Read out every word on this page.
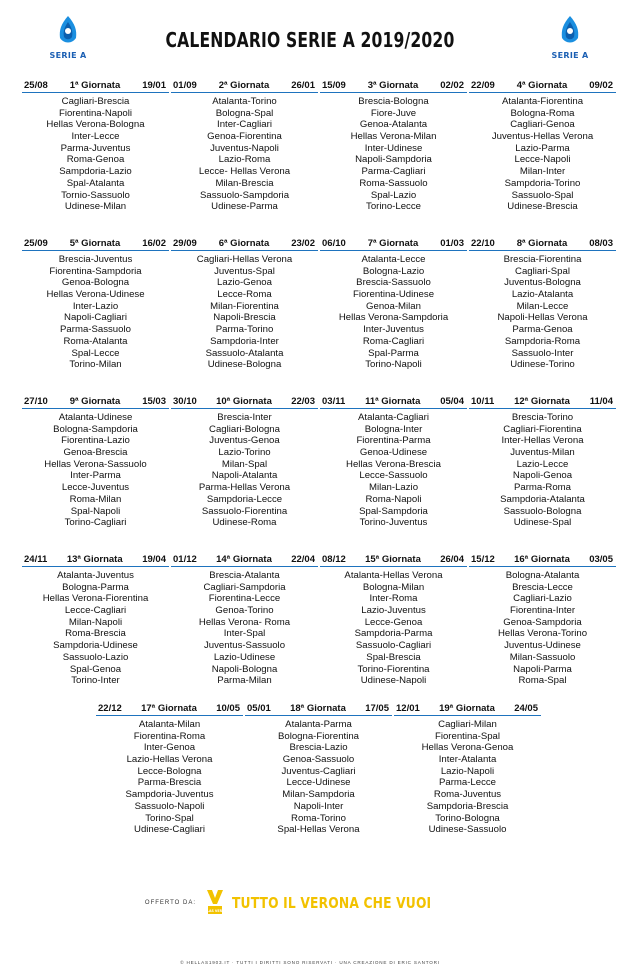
SERIE A
CALENDARIO SERIE A 2019/2020
SERIE A
25/08	1ª Giornata	19/01
Cagliari-Brescia
Fiorentina-Napoli
Hellas Verona-Bologna
Inter-Lecce
Parma-Juventus
Roma-Genoa
Sampdoria-Lazio
Spal-Atalanta
Tornio-Sassuolo
Udinese-Milan
01/09	2ª Giornata	26/01
Atalanta-Torino
Bologna-Spal
Inter-Cagliari
Genoa-Fiorentina
Juventus-Napoli
Lazio-Roma
Lecce- Hellas Verona
Milan-Brescia
Sassuolo-Sampdoria
Udinese-Parma
15/09	3ª Giornata	02/02
Brescia-Bologna
Fiore-Juve
Genoa-Atalanta
Hellas Verona-Milan
Inter-Udinese
Napoli-Sampdoria
Parma-Cagliari
Roma-Sassuolo
Spal-Lazio
Torino-Lecce
22/09	4ª Giornata	09/02
Atalanta-Fiorentina
Bologna-Roma
Cagliari-Genoa
Juventus-Hellas Verona
Lazio-Parma
Lecce-Napoli
Milan-Inter
Sampdoria-Torino
Sassuolo-Spal
Udinese-Brescia
25/09	5ª Giornata	16/02
Brescia-Juventus
Fiorentina-Sampdoria
Genoa-Bologna
Hellas Verona-Udinese
Inter-Lazio
Napoli-Cagliari
Parma-Sassuolo
Roma-Atalanta
Spal-Lecce
Torino-Milan
29/09	6ª Giornata	23/02
Cagliari-Hellas Verona
Juventus-Spal
Lazio-Genoa
Lecce-Roma
Milan-Fiorentina
Napoli-Brescia
Parma-Torino
Sampdoria-Inter
Sassuolo-Atalanta
Udinese-Bologna
06/10	7ª Giornata	01/03
Atalanta-Lecce
Bologna-Lazio
Brescia-Sassuolo
Fiorentina-Udinese
Genoa-Milan
Hellas Verona-Sampdoria
Inter-Juventus
Roma-Cagliari
Spal-Parma
Torino-Napoli
22/10	8ª Giornata	08/03
Brescia-Fiorentina
Cagliari-Spal
Juventus-Bologna
Lazio-Atalanta
Milan-Lecce
Napoli-Hellas Verona
Parma-Genoa
Sampdoria-Roma
Sassuolo-Inter
Udinese-Torino
27/10	9ª Giornata	15/03
Atalanta-Udinese
Bologna-Sampdoria
Fiorentina-Lazio
Genoa-Brescia
Hellas Verona-Sassuolo
Inter-Parma
Lecce-Juventus
Roma-Milan
Spal-Napoli
Torino-Cagliari
30/10	10ª Giornata	22/03
Brescia-Inter
Cagliari-Bologna
Juventus-Genoa
Lazio-Torino
Milan-Spal
Napoli-Atalanta
Parma-Hellas Verona
Sampdoria-Lecce
Sassuolo-Fiorentina
Udinese-Roma
03/11	11ª Giornata	05/04
Atalanta-Cagliari
Bologna-Inter
Fiorentina-Parma
Genoa-Udinese
Hellas Verona-Brescia
Lecce-Sassuolo
Milan-Lazio
Roma-Napoli
Spal-Sampdoria
Torino-Juventus
10/11	12ª Giornata	11/04
Brescia-Torino
Cagliari-Fiorentina
Inter-Hellas Verona
Juventus-Milan
Lazio-Lecce
Napoli-Genoa
Parma-Roma
Sampdoria-Atalanta
Sassuolo-Bologna
Udinese-Spal
24/11	13ª Giornata	19/04
Atalanta-Juventus
Bologna-Parma
Hellas Verona-Fiorentina
Lecce-Cagliari
Milan-Napoli
Roma-Brescia
Sampdoria-Udinese
Sassuolo-Lazio
Spal-Genoa
Torino-Inter
01/12	14ª Giornata	22/04
Brescia-Atalanta
Cagliari-Sampdoria
Fiorentina-Lecce
Genoa-Torino
Hellas Verona- Roma
Inter-Spal
Juventus-Sassuolo
Lazio-Udinese
Napoli-Bologna
Parma-Milan
08/12	15ª Giornata	26/04
Atalanta-Hellas Verona
Bologna-Milan
Inter-Roma
Lazio-Juventus
Lecce-Genoa
Sampdoria-Parma
Sassuolo-Cagliari
Spal-Brescia
Torino-Fiorentina
Udinese-Napoli
15/12	16ª Giornata	03/05
Bologna-Atalanta
Brescia-Lecce
Cagliari-Lazio
Fiorentina-Inter
Genoa-Sampdoria
Hellas Verona-Torino
Juventus-Udinese
Milan-Sassuolo
Napoli-Parma
Roma-Spal
22/12	17ª Giornata	10/05
Atalanta-Milan
Fiorentina-Roma
Inter-Genoa
Lazio-Hellas Verona
Lecce-Bologna
Parma-Brescia
Sampdoria-Juventus
Sassuolo-Napoli
Torino-Spal
Udinese-Cagliari
05/01	18ª Giornata	17/05
Atalanta-Parma
Bologna-Fiorentina
Brescia-Lazio
Genoa-Sassuolo
Juventus-Cagliari
Lecce-Udinese
Milan-Sampdoria
Napoli-Inter
Roma-Torino
Spal-Hellas Verona
12/01	19ª Giornata	24/05
Cagliari-Milan
Fiorentina-Spal
Hellas Verona-Genoa
Inter-Atalanta
Lazio-Napoli
Parma-Lecce
Roma-Juventus
Sampdoria-Brescia
Torino-Bologna
Udinese-Sassuolo
OFFERTO DA:
HELLAS VERONA TUTTO IL VERONA CHE VUOI
© HELLAS1903.IT · TUTTI I DIRITTI SONO RISERVATI · UNA CREAZIONE DI ERIC SANTORI
